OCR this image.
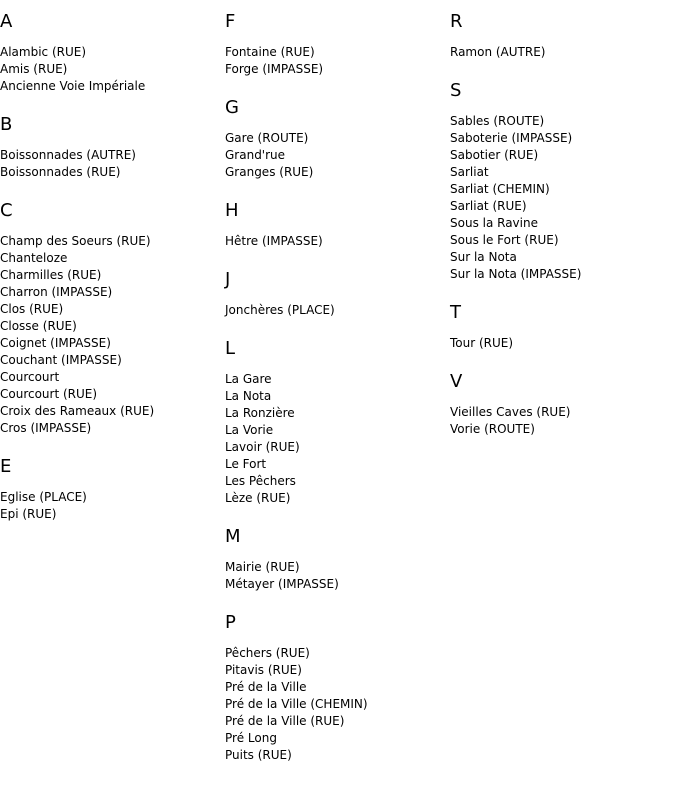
A
Alambic (RUE)
Amis (RUE)
Ancienne Voie Impériale
B
Boissonnades (AUTRE)
Boissonnades (RUE)
C
Champ des Soeurs (RUE)
Chanteloze
Charmilles (RUE)
Charron (IMPASSE)
Clos (RUE)
Closse (RUE)
Coignet (IMPASSE)
Couchant (IMPASSE)
Courcourt
Courcourt (RUE)
Croix des Rameaux (RUE)
Cros (IMPASSE)
E
Eglise (PLACE)
Epi (RUE)
F
Fontaine (RUE)
Forge (IMPASSE)
G
Gare (ROUTE)
Grand'rue
Granges (RUE)
H
Hêtre (IMPASSE)
J
Jonchères (PLACE)
L
La Gare
La Nota
La Ronzière
La Vorie
Lavoir (RUE)
Le Fort
Les Pêchers
Lèze (RUE)
M
Mairie (RUE)
Métayer (IMPASSE)
P
Pêchers (RUE)
Pitavis (RUE)
Pré de la Ville
Pré de la Ville (CHEMIN)
Pré de la Ville (RUE)
Pré Long
Puits (RUE)
R
Ramon (AUTRE)
S
Sables (ROUTE)
Saboterie (IMPASSE)
Sabotier (RUE)
Sarliat
Sarliat (CHEMIN)
Sarliat (RUE)
Sous la Ravine
Sous le Fort (RUE)
Sur la Nota
Sur la Nota (IMPASSE)
T
Tour (RUE)
V
Vieilles Caves (RUE)
Vorie (ROUTE)
